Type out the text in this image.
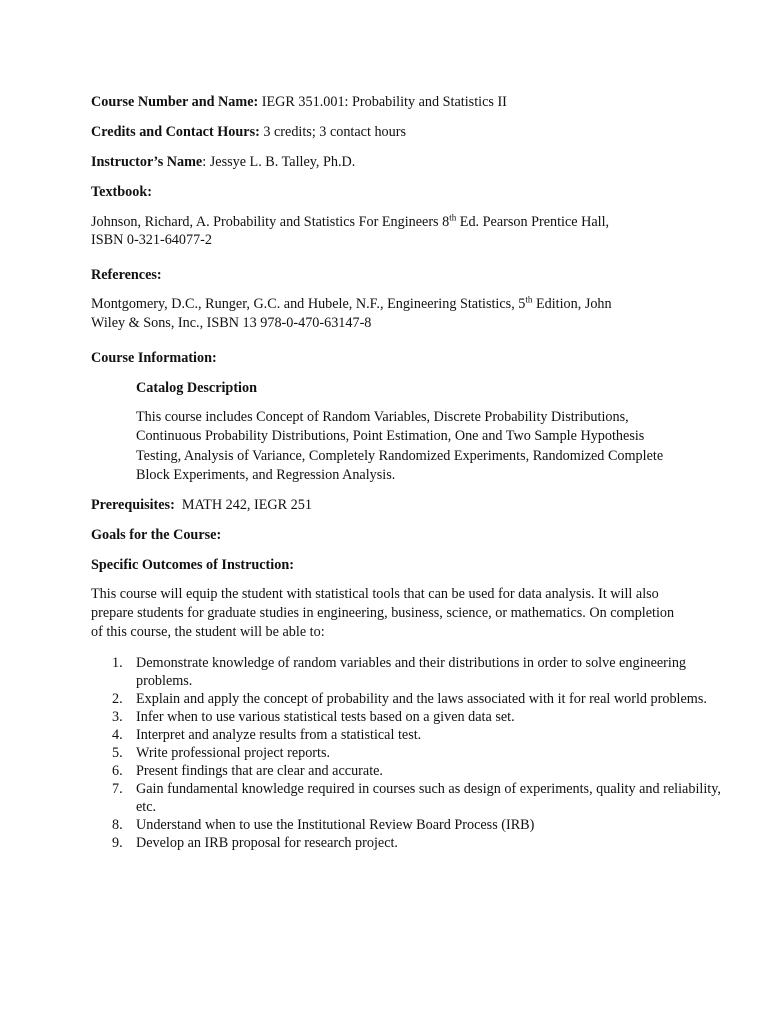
Course Number and Name: IEGR 351.001: Probability and Statistics II
Credits and Contact Hours: 3 credits; 3 contact hours
Instructor’s Name: Jessye L. B. Talley, Ph.D.
Textbook:
Johnson, Richard, A. Probability and Statistics For Engineers 8th Ed. Pearson Prentice Hall,
ISBN 0-321-64077-2
References:
Montgomery, D.C., Runger, G.C. and Hubele, N.F., Engineering Statistics, 5th Edition, John
Wiley & Sons, Inc., ISBN 13 978-0-470-63147-8
Course Information:
Catalog Description
This course includes Concept of Random Variables, Discrete Probability Distributions, Continuous Probability Distributions, Point Estimation, One and Two Sample Hypothesis Testing, Analysis of Variance, Completely Randomized Experiments, Randomized Complete Block Experiments, and Regression Analysis.
Prerequisites: MATH 242, IEGR 251
Goals for the Course:
Specific Outcomes of Instruction:
This course will equip the student with statistical tools that can be used for data analysis. It will also prepare students for graduate studies in engineering, business, science, or mathematics. On completion of this course, the student will be able to:
1. Demonstrate knowledge of random variables and their distributions in order to solve engineering problems.
2. Explain and apply the concept of probability and the laws associated with it for real world problems.
3. Infer when to use various statistical tests based on a given data set.
4. Interpret and analyze results from a statistical test.
5. Write professional project reports.
6. Present findings that are clear and accurate.
7. Gain fundamental knowledge required in courses such as design of experiments, quality and reliability, etc.
8. Understand when to use the Institutional Review Board Process (IRB)
9. Develop an IRB proposal for research project.
